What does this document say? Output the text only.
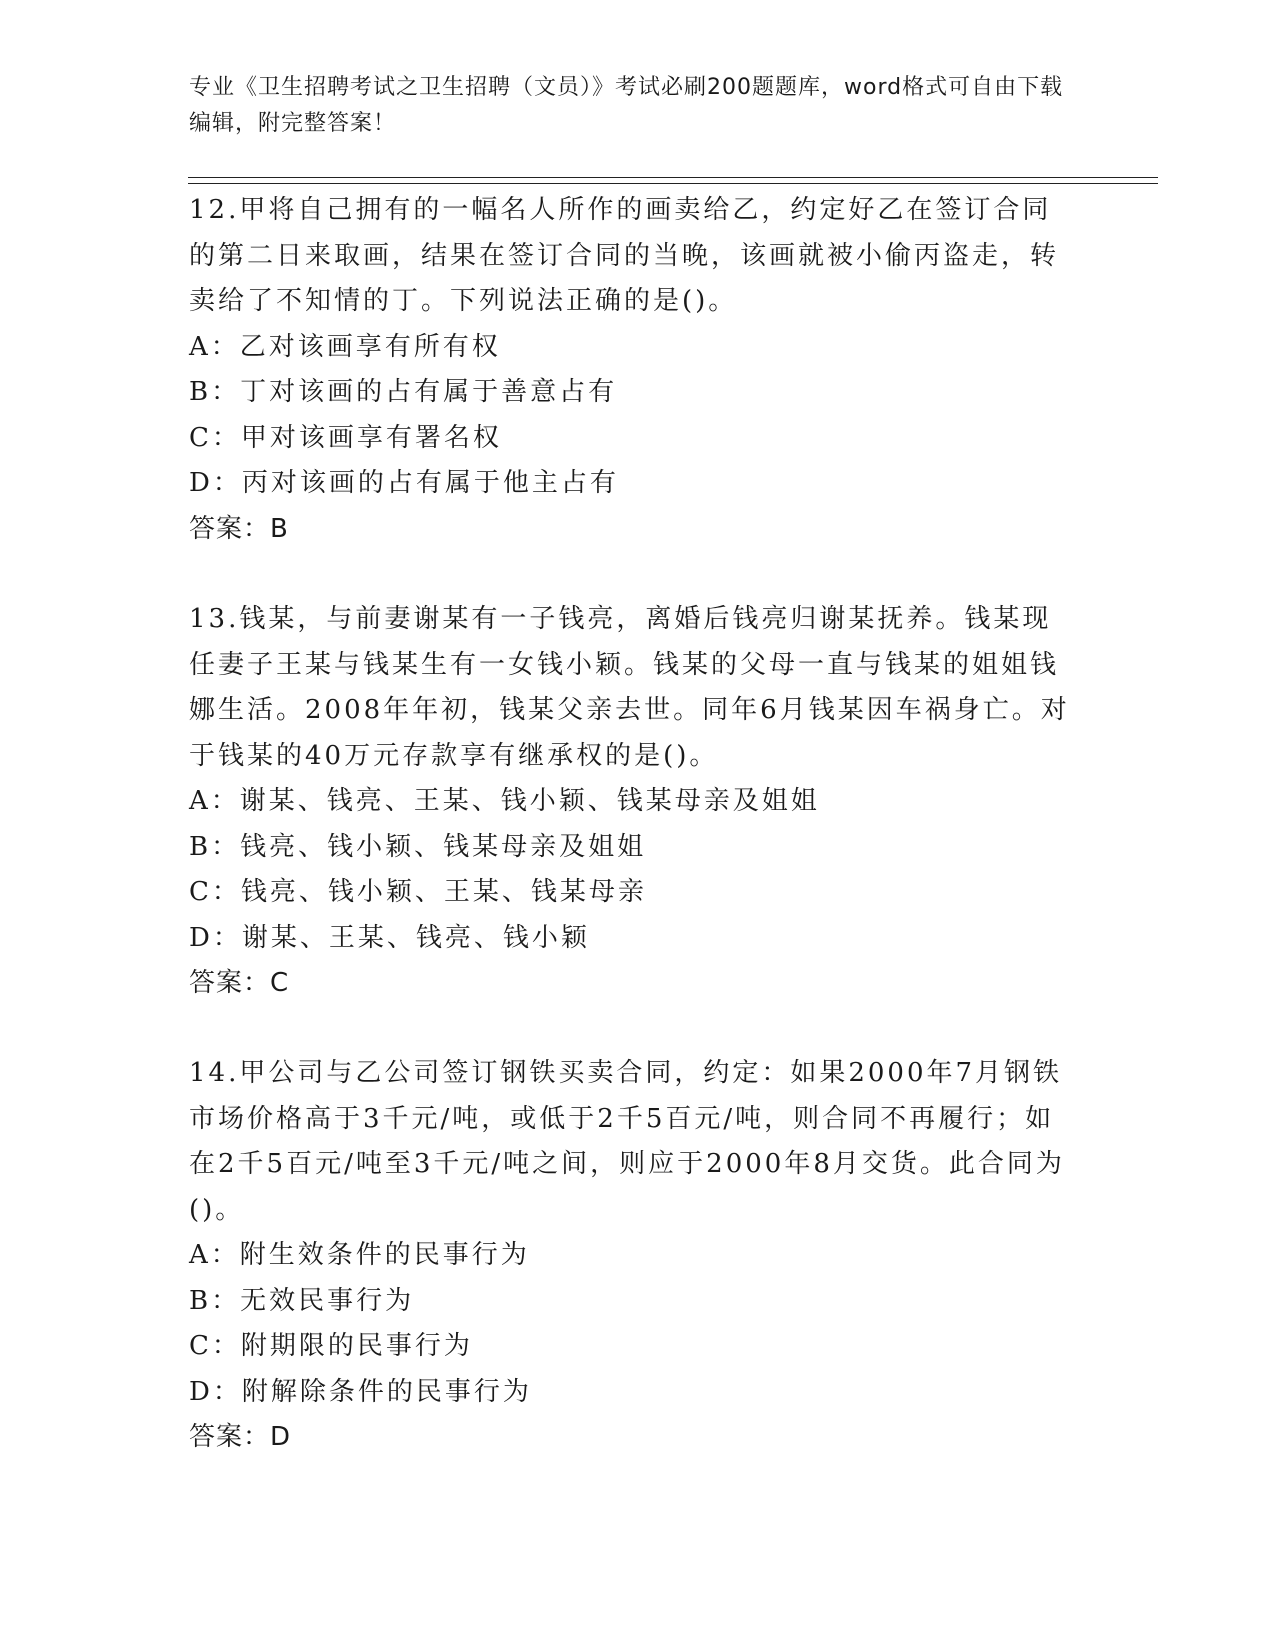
专业《卫生招聘考试之卫生招聘（文员）》考试必刷200题题库，word格式可自由下载编辑，附完整答案！

12.甲将自己拥有的一幅名人所作的画卖给乙，约定好乙在签订合同的第二日来取画，结果在签订合同的当晚，该画就被小偷丙盗走，转卖给了不知情的丁。下列说法正确的是()。

A：乙对该画享有所有权

B：丁对该画的占有属于善意占有

C：甲对该画享有署名权

D：丙对该画的占有属于他主占有

答案：B

13.钱某，与前妻谢某有一子钱亮，离婚后钱亮归谢某抚养。钱某现任妻子王某与钱某生有一女钱小颖。钱某的父母一直与钱某的姐姐钱娜生活。2008年年初，钱某父亲去世。同年6月钱某因车祸身亡。对于钱某的40万元存款享有继承权的是()。

A：谢某、钱亮、王某、钱小颖、钱某母亲及姐姐

B：钱亮、钱小颖、钱某母亲及姐姐

C：钱亮、钱小颖、王某、钱某母亲

D：谢某、王某、钱亮、钱小颖

答案：C

14.甲公司与乙公司签订钢铁买卖合同，约定：如果2000年7月钢铁市场价格高于3千元/吨，或低于2千5百元/吨，则合同不再履行；如在2千5百元/吨至3千元/吨之间，则应于2000年8月交货。此合同为()。

A：附生效条件的民事行为

B：无效民事行为

C：附期限的民事行为

D：附解除条件的民事行为

答案：D
